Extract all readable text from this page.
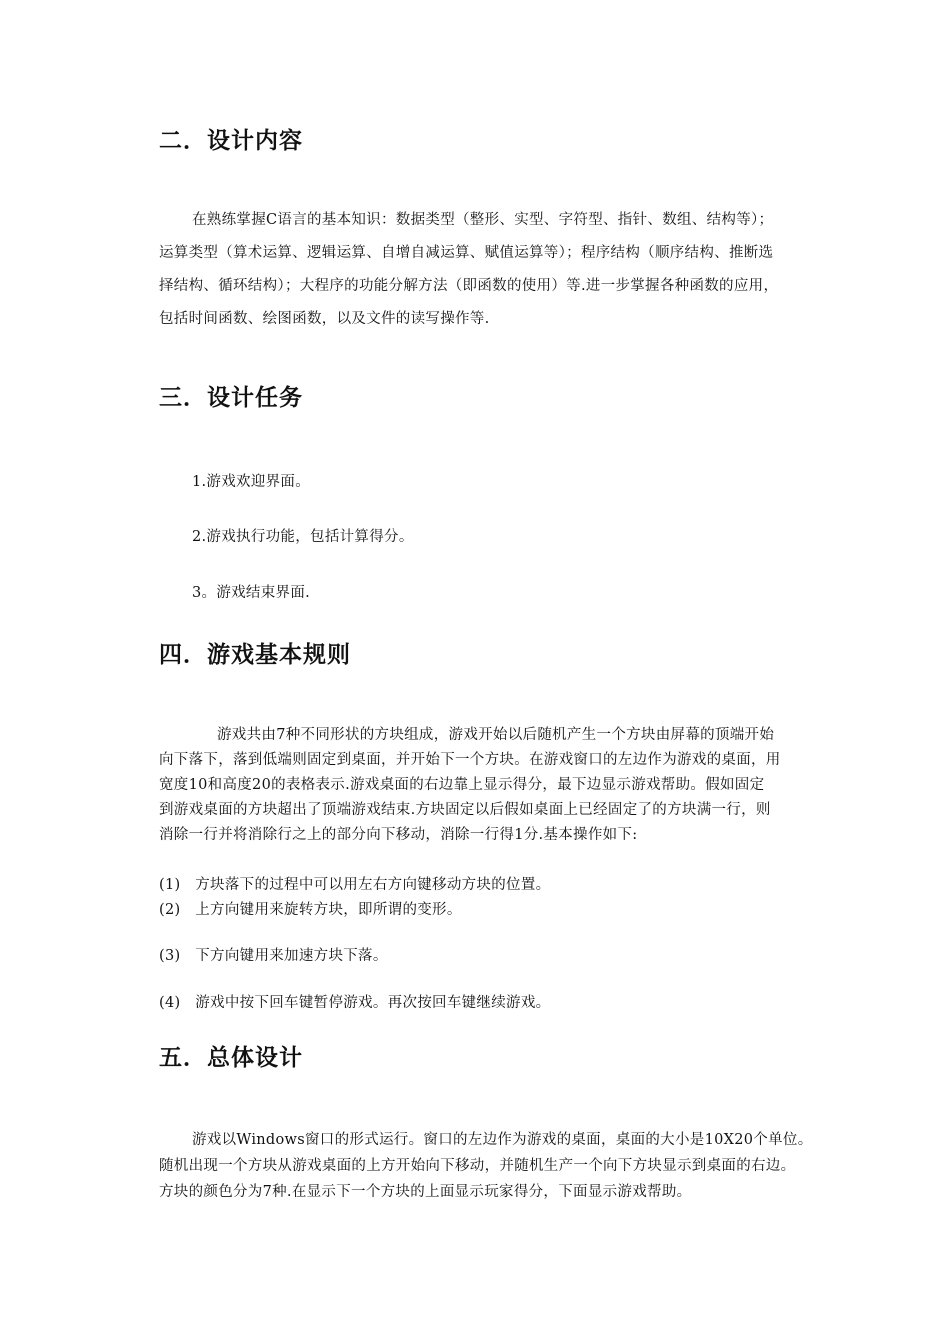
二．设计内容
在熟练掌握C语言的基本知识：数据类型（整形、实型、字符型、指针、数组、结构等）；
运算类型（算术运算、逻辑运算、自增自减运算、赋值运算等）；程序结构（顺序结构、推断选
择结构、循环结构）；大程序的功能分解方法（即函数的使用）等.进一步掌握各种函数的应用，
包括时间函数、绘图函数，以及文件的读写操作等.
三．设计任务
1.游戏欢迎界面。
2.游戏执行功能，包括计算得分。
3。游戏结束界面.
四．游戏基本规则
游戏共由7种不同形状的方块组成，游戏开始以后随机产生一个方块由屏幕的顶端开始
向下落下，落到低端则固定到桌面，并开始下一个方块。在游戏窗口的左边作为游戏的桌面，用
宽度10和高度20的表格表示.游戏桌面的右边靠上显示得分，最下边显示游戏帮助。假如固定
到游戏桌面的方块超出了顶端游戏结束.方块固定以后假如桌面上已经固定了的方块满一行，则
消除一行并将消除行之上的部分向下移动，消除一行得1分.基本操作如下:
(1)　方块落下的过程中可以用左右方向键移动方块的位置。
(2)　上方向键用来旋转方块，即所谓的变形。
(3)　下方向键用来加速方块下落。
(4)　游戏中按下回车键暂停游戏。再次按回车键继续游戏。
五．总体设计
游戏以Windows窗口的形式运行。窗口的左边作为游戏的桌面，桌面的大小是10X20个单位。
随机出现一个方块从游戏桌面的上方开始向下移动，并随机生产一个向下方块显示到桌面的右边。
方块的颜色分为7种.在显示下一个方块的上面显示玩家得分，下面显示游戏帮助。
